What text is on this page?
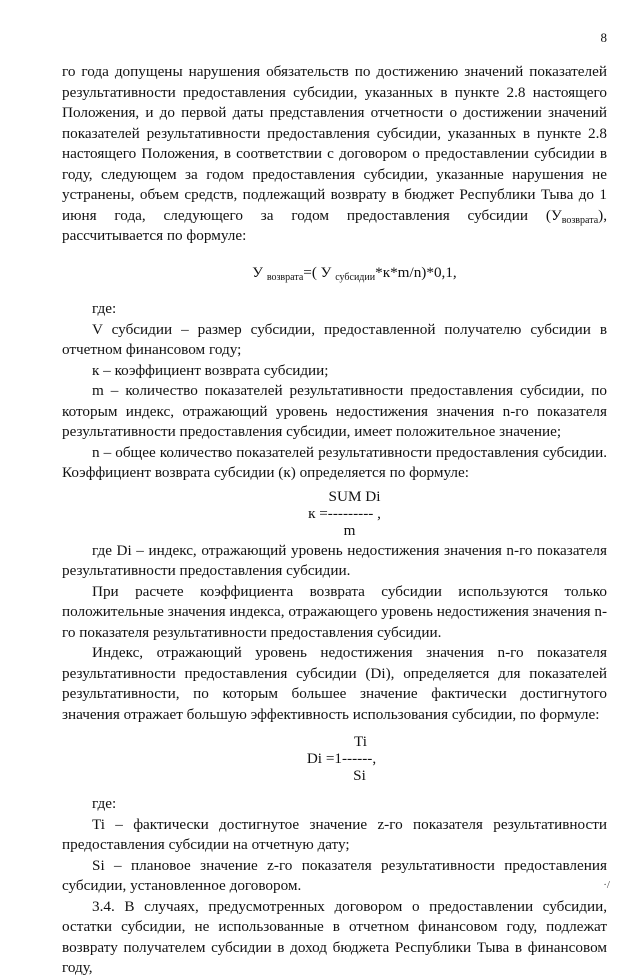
8

го года допущены нарушения обязательств по достижению значений показателей результативности предоставления субсидии, указанных в пункте 2.8 настоящего Положения, и до первой даты представления отчетности о достижении значений показателей результативности предоставления субсидии, указанных в пункте 2.8 настоящего Положения, в соответствии с договором о предоставлении субсидии в году, следующем за годом предоставления субсидии, указанные нарушения не устранены, объем средств, подлежащий возврату в бюджет Республики Тыва до 1 июня года, следующего за годом предоставления субсидии $(У_{возврата})$, рассчитывается по формуле:

У $_{возврата}$=( У $_{субсидии}$*к*m/n)*0,1,

где:

V субсидии – размер субсидии, предоставленной получателю субсидии в отчетном финансовом году;

к – коэффициент возврата субсидии;

m – количество показателей результативности предоставления субсидии, по которым индекс, отражающий уровень недостижения значения n-го показателя результативности предоставления субсидии, имеет положительное значение;

n – общее количество показателей результативности предоставления субсидии. Коэффициент возврата субсидии (к) определяется по формуле:

SUM Di
к =--------- ,
m

где Di – индекс, отражающий уровень недостижения значения n-го показателя результативности предоставления субсидии.

При расчете коэффициента возврата субсидии используются только положительные значения индекса, отражающего уровень недостижения значения n-го показателя результативности предоставления субсидии.

Индекс, отражающий уровень недостижения значения n-го показателя результативности предоставления субсидии (Di), определяется для показателей результативности, по которым большее значение фактически достигнутого значения отражает большую эффективность использования субсидии, по формуле:

Ti
Di =1------,
Si

где:

Ti – фактически достигнутое значение z-го показателя результативности предоставления субсидии на отчетную дату;

Si – плановое значение z-го показателя результативности предоставления субсидии, установленное договором.

3.4. В случаях, предусмотренных договором о предоставлении субсидии, остатки субсидии, не использованные в отчетном финансовом году, подлежат возврату получателем субсидии в доход бюджета Республики Тыва в финансовом году,

·/
